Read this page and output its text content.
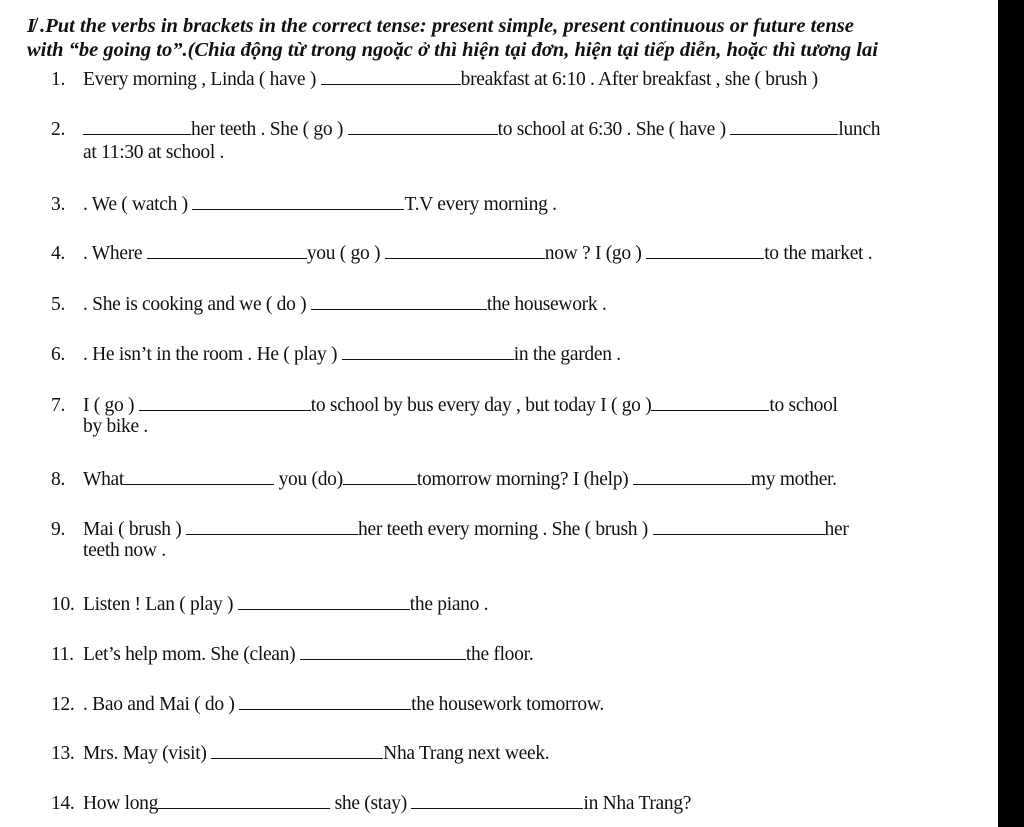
I̸ .Put the verbs in brackets in the correct tense: present simple, present continuous or future tense
with “be going to”.(Chia động từ trong ngoặc ở thì hiện tại đơn, hiện tại tiếp diễn, hoặc thì tương lai
1. Every morning , Linda ( have )	breakfast at 6:10 . After breakfast , she ( brush )
2.	her teeth . She ( go )	to school at 6:30 . She ( have )	lunch
at 11:30 at school .
3. . We ( watch )	T.V every morning .
4. . Where	you ( go )	now ? I (go )	to the market .
5. . She is cooking and we ( do )	the housework .
6. . He isn’t in the room . He ( play )	in the garden .
7. I ( go )	to school by bus every day , but today I ( go )	to school
by bike .
8. What	you (do)	tomorrow morning? I (help)	my mother.
9. Mai ( brush )	her teeth every morning . She ( brush )	her
teeth now .
10. Listen ! Lan ( play )	the piano .
11. Let’s help mom. She (clean)	the floor.
12. . Bao and Mai ( do )	the housework tomorrow.
13. Mrs. May (visit)	Nha Trang next week.
14. How long	she (stay)	in Nha Trang?
